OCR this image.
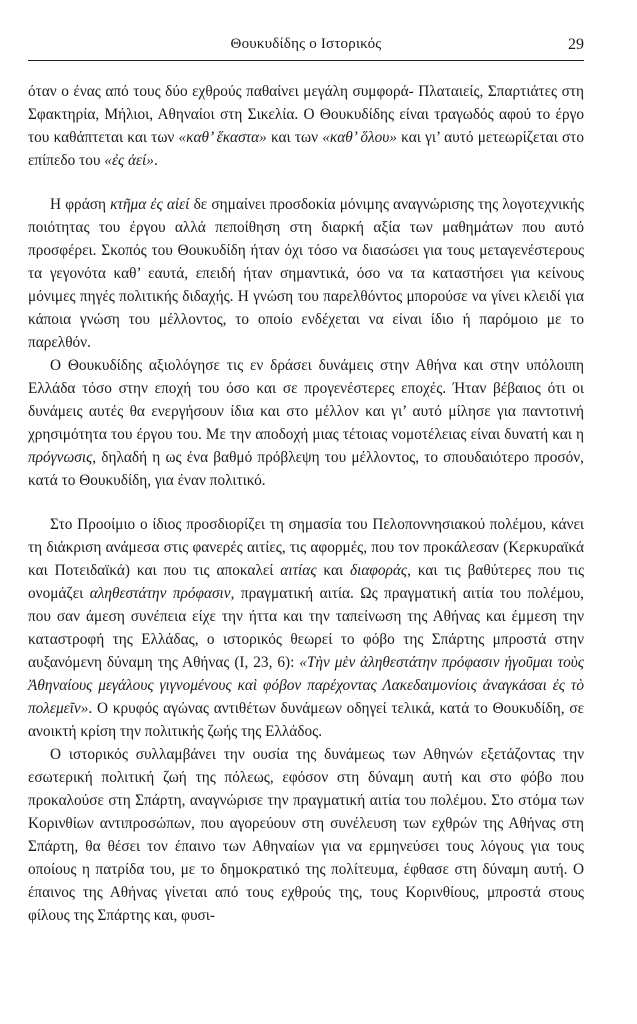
Θουκυδίδης ο Ιστορικός	29

όταν ο ένας από τους δύο εχθρούς παθαίνει μεγάλη συμφορά- Πλαταιείς, Σπαρτιάτες στη Σφακτηρία, Μήλιοι, Αθηναίοι στη Σικελία. Ο Θουκυδίδης είναι τραγωδός αφού το έργο του καθάπτεται και των «καθ’ ἕκαστα» και των «καθ’ ὅλου» και γι’ αυτό μετεωρίζεται στο επίπεδο του «ἐς ἀεί».

Η φράση κτῆμα ἐς αἰεί δε σημαίνει προσδοκία μόνιμης αναγνώρισης της λογοτεχνικής ποιότητας του έργου αλλά πεποίθηση στη διαρκή αξία των μαθημάτων που αυτό προσφέρει. Σκοπός του Θουκυδίδη ήταν όχι τόσο να διασώσει για τους μεταγενέστερους τα γεγονότα καθ’ εαυτά, επειδή ήταν σημαντικά, όσο να τα καταστήσει για κείνους μόνιμες πηγές πολιτικής διδαχής. Η γνώση του παρελθόντος μπορούσε να γίνει κλειδί για κάποια γνώση του μέλλοντος, το οποίο ενδέχεται να είναι ίδιο ή παρόμοιο με το παρελθόν.

Ο Θουκυδίδης αξιολόγησε τις εν δράσει δυνάμεις στην Αθήνα και στην υπόλοιπη Ελλάδα τόσο στην εποχή του όσο και σε προγενέστερες εποχές. Ήταν βέβαιος ότι οι δυνάμεις αυτές θα ενεργήσουν ίδια και στο μέλλον και γι’ αυτό μίλησε για παντοτινή χρησιμότητα του έργου του. Με την αποδοχή μιας τέτοιας νομοτέλειας είναι δυνατή και η πρόγνωσις, δηλαδή η ως ένα βαθμό πρόβλεψη του μέλλοντος, το σπουδαιότερο προσόν, κατά το Θουκυδίδη, για έναν πολιτικό.

Στο Προοίμιο ο ίδιος προσδιορίζει τη σημασία του Πελοποννησιακού πολέμου, κάνει τη διάκριση ανάμεσα στις φανερές αιτίες, τις αφορμές, που τον προκάλεσαν (Κερκυραϊκά και Ποτειδαϊκά) και που τις αποκαλεί αιτίας και διαφοράς, και τις βαθύτερες που τις ονομάζει αληθεστάτην πρόφασιν, πραγματική αιτία. Ως πραγματική αιτία του πολέμου, που σαν άμεση συνέπεια είχε την ήττα και την ταπείνωση της Αθήνας και έμμεση την καταστροφή της Ελλάδας, ο ιστορικός θεωρεί το φόβο της Σπάρτης μπροστά στην αυξανόμενη δύναμη της Αθήνας (Ι, 23, 6): «Τὴν μὲν ἀληθεστάτην πρόφασιν ἡγοῦμαι τοὺς Ἀθηναίους μεγάλους γιγνομένους καὶ φόβον παρέχοντας Λακεδαιμονίοις ἀναγκάσαι ἐς τὸ πολεμεῖν». Ο κρυφός αγώνας αντιθέτων δυνάμεων οδηγεί τελικά, κατά το Θουκυδίδη, σε ανοικτή κρίση την πολιτικής ζωής της Ελλάδος.

Ο ιστορικός συλλαμβάνει την ουσία της δυνάμεως των Αθηνών εξετάζοντας την εσωτερική πολιτική ζωή της πόλεως, εφόσον στη δύναμη αυτή και στο φόβο που προκαλούσε στη Σπάρτη, αναγνώρισε την πραγματική αιτία του πολέμου. Στο στόμα των Κορινθίων αντιπροσώπων, που αγορεύουν στη συνέλευση των εχθρών της Αθήνας στη Σπάρτη, θα θέσει τον έπαινο των Αθηναίων για να ερμηνεύσει τους λόγους για τους οποίους η πατρίδα του, με το δημοκρατικό της πολίτευμα, έφθασε στη δύναμη αυτή. Ο έπαινος της Αθήνας γίνεται από τους εχθρούς της, τους Κορινθίους, μπροστά στους φίλους της Σπάρτης και, φυσι-
